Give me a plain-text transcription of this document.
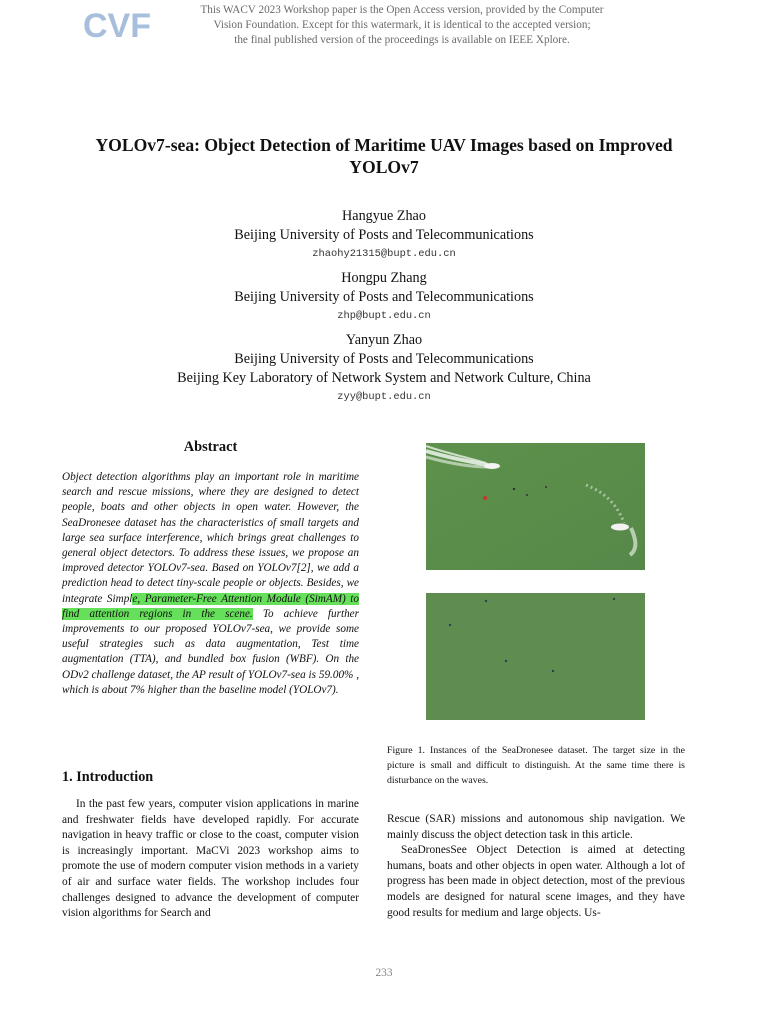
CVF	This WACV 2023 Workshop paper is the Open Access version, provided by the Computer
Vision Foundation. Except for this watermark, it is identical to the accepted version;
the final published version of the proceedings is available on IEEE Xplore.
YOLOv7-sea: Object Detection of Maritime UAV Images based on Improved
YOLOv7
Hangyue Zhao
Beijing University of Posts and Telecommunications
zhaohy21315@bupt.edu.cn
Hongpu Zhang
Beijing University of Posts and Telecommunications
zhp@bupt.edu.cn
Yanyun Zhao
Beijing University of Posts and Telecommunications
Beijing Key Laboratory of Network System and Network Culture, China
zyy@bupt.edu.cn
Abstract
Object detection algorithms play an important role in maritime search and rescue missions, where they are designed to detect people, boats and other objects in open water. However, the SeaDronesee dataset has the characteristics of small targets and large sea surface interference, which brings great challenges to general object detectors. To address these issues, we propose an improved detector YOLOv7-sea. Based on YOLOv7[2], we add a prediction head to detect tiny-scale people or objects. Besides, we integrate Simple, Parameter-Free Attention Module (SimAM) to find attention regions in the scene. To achieve further improvements to our proposed YOLOv7-sea, we provide some useful strategies such as data augmentation, Test time augmentation (TTA), and bundled box fusion (WBF). On the ODv2 challenge dataset, the AP result of YOLOv7-sea is 59.00% , which is about 7% higher than the baseline model (YOLOv7).
1. Introduction

In the past few years, computer vision applications in marine and freshwater fields have developed rapidly. For accurate navigation in heavy traffic or close to the coast, computer vision is increasingly important. MaCVi 2023 workshop aims to promote the use of modern computer vision methods in a variety of air and surface water fields. The workshop includes four challenges designed to advance the development of computer vision algorithms for Search and

Figure 1. Instances of the SeaDronesee dataset. The target size in the picture is small and difficult to distinguish. At the same time there is disturbance on the waves.

Rescue (SAR) missions and autonomous ship navigation. We mainly discuss the object detection task in this article.

SeaDronesSee Object Detection is aimed at detecting humans, boats and other objects in open water. Although a lot of progress has been made in object detection, most of the previous models are designed for natural scene images, and they have good results for medium and large objects. Us-

233
